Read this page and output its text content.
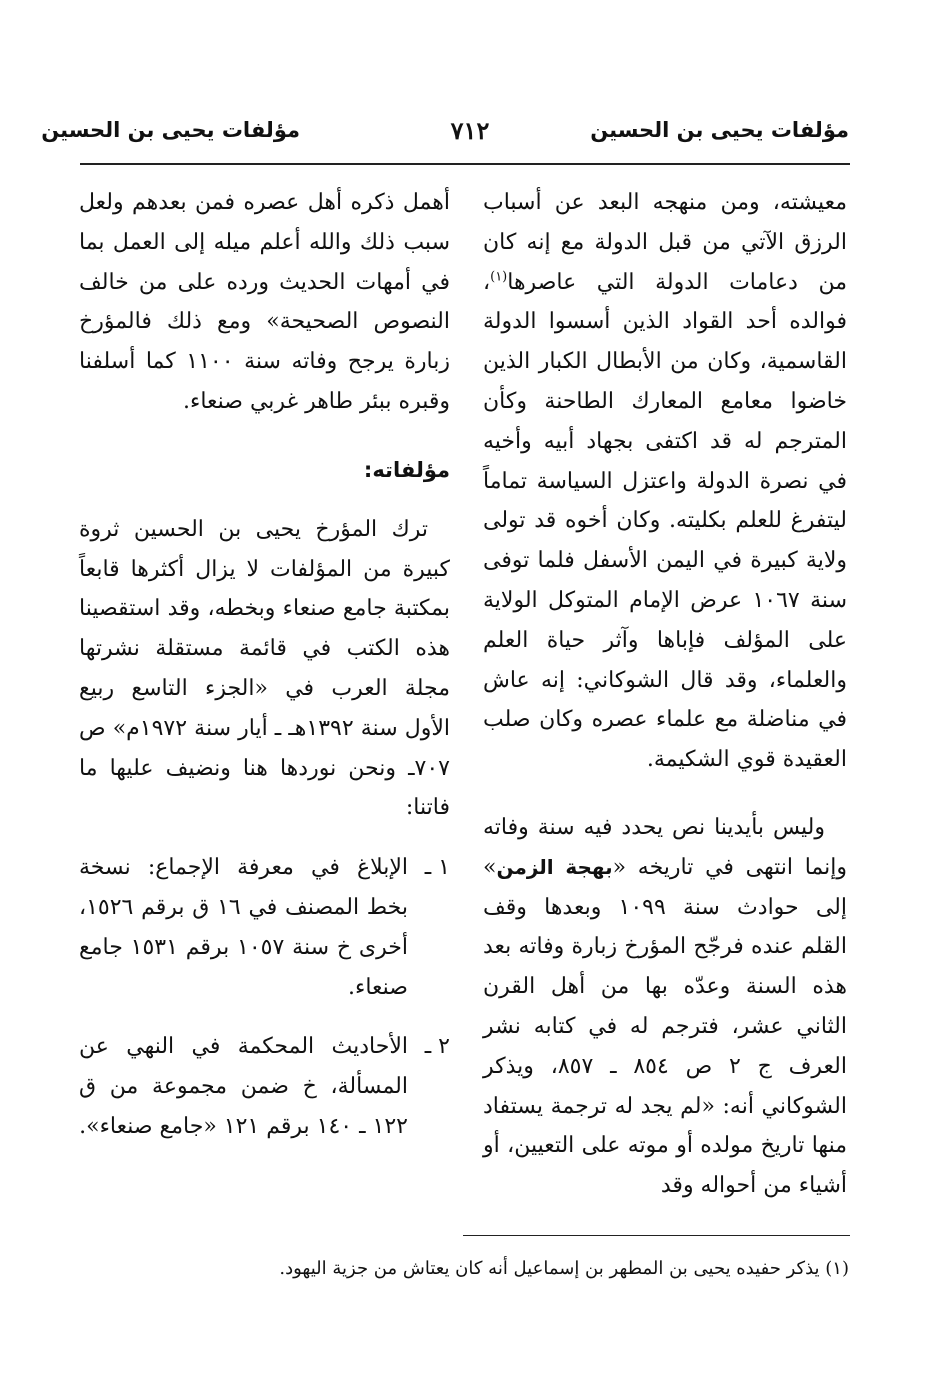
مؤلفات يحيى بن الحسين
٧١٢
مؤلفات يحيى بن الحسين

معيشته، ومن منهجه البعد عن أسباب الرزق الآتي من قبل الدولة مع إنه كان من دعامات الدولة التي عاصرها$^{(١)}$، فوالده أحد القواد الذين أسسوا الدولة القاسمية، وكان من الأبطال الكبار الذين خاضوا معامع المعارك الطاحنة وكأن المترجم له قد اكتفى بجهاد أبيه وأخيه في نصرة الدولة واعتزل السياسة تماماً ليتفرغ للعلم بكليته. وكان أخوه قد تولى ولاية كبيرة في اليمن الأسفل فلما توفى سنة ١٠٦٧ عرض الإمام المتوكل الولاية على المؤلف فإباها وآثر حياة العلم والعلماء، وقد قال الشوكاني: إنه عاش في مناضلة مع علماء عصره وكان صلب العقيدة قوي الشكيمة.

وليس بأيدينا نص يحدد فيه سنة وفاته وإنما انتهى في تاريخه «بهجة الزمن» إلى حوادث سنة ١٠٩٩ وبعدها وقف القلم عنده فرجّح المؤرخ زبارة وفاته بعد هذه السنة وعدّه بها من أهل القرن الثاني عشر، فترجم له في كتابه نشر العرف ج ٢ ص ٨٥٤ ـ ٨٥٧، ويذكر الشوكاني أنه: «لم يجد له ترجمة يستفاد منها تاريخ مولده أو موته على التعيين، أو أشياء من أحواله وقد

أهمل ذكره أهل عصره فمن بعدهم ولعل سبب ذلك والله أعلم ميله إلى العمل بما في أمهات الحديث ورده على من خالف النصوص الصحيحة» ومع ذلك فالمؤرخ زبارة يرجح وفاته سنة ١١٠٠ كما أسلفنا وقبره ببئر طاهر غربي صنعاء.

مؤلفاته:

ترك المؤرخ يحيى بن الحسين ثروة كبيرة من المؤلفات لا يزال أكثرها قابعاً بمكتبة جامع صنعاء وبخطه، وقد استقصينا هذه الكتب في قائمة مستقلة نشرتها مجلة العرب في «الجزء التاسع ربيع الأول سنة ١٣٩٢هـ ـ أيار سنة ١٩٧٢م» ص ٧٠٧ـ ونحن نوردها هنا ونضيف عليها ما فاتنا:

١ ـ

الإبلاغ في معرفة الإجماع: نسخة بخط المصنف في ١٦ ق برقم ١٥٢٦، أخرى خ سنة ١٠٥٧ برقم ١٥٣١ جامع صنعاء.

٢ ـ

الأحاديث المحكمة في النهي عن المسألة، خ ضمن مجموعة من ق ١٢٢ ـ ١٤٠ برقم ١٢١ «جامع صنعاء».

(١) يذكر حفيده يحيى بن المطهر بن إسماعيل أنه كان يعتاش من جزية اليهود.
